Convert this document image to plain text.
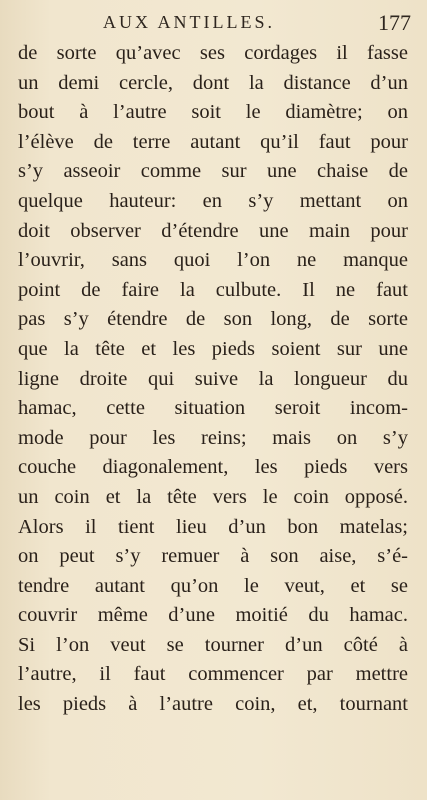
AUX ANTILLES.	177
de sorte qu’avec ses cordages il fasse
un demi cercle, dont la distance d’un
bout à l’autre soit le diamètre; on
l’élève de terre autant qu’il faut pour
s’y asseoir comme sur une chaise de
quelque hauteur: en s’y mettant on
doit observer d’étendre une main pour
l’ouvrir, sans quoi l’on ne manque
point de faire la culbute. Il ne faut
pas s’y étendre de son long, de sorte
que la tête et les pieds soient sur une
ligne droite qui suive la longueur du
hamac, cette situation seroit incom-
mode pour les reins; mais on s’y
couche diagonalement, les pieds vers
un coin et la tête vers le coin opposé.
Alors il tient lieu d’un bon matelas;
on peut s’y remuer à son aise, s’é-
tendre autant qu’on le veut, et se
couvrir même d’une moitié du hamac.
Si l’on veut se tourner d’un côté à
l’autre, il faut commencer par mettre
les pieds à l’autre coin, et, tournant
